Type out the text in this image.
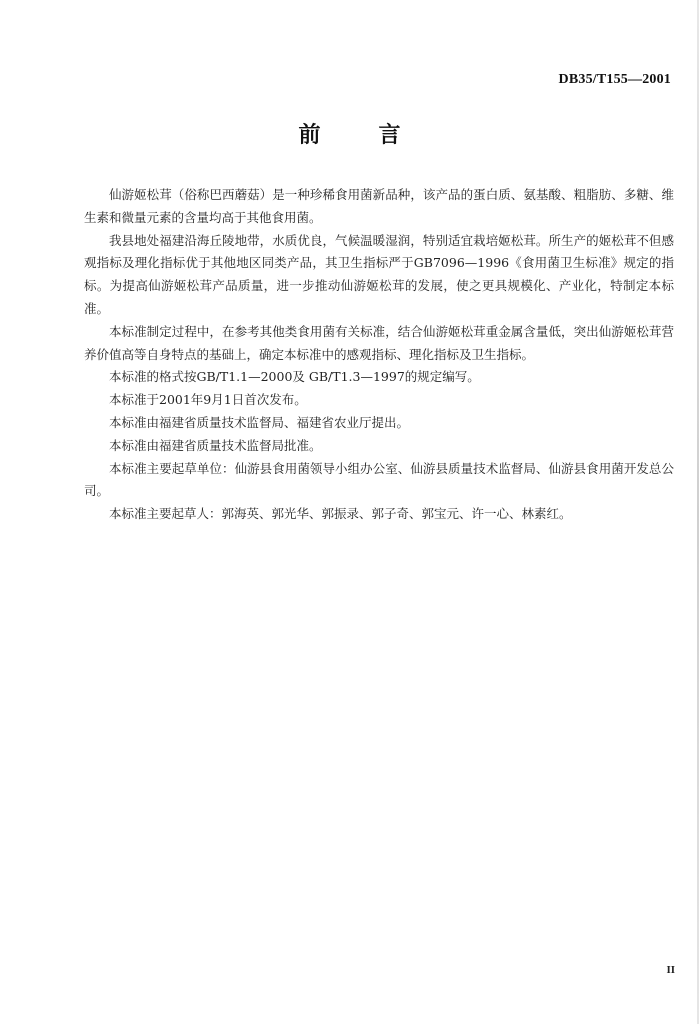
DB35/T155—2001
前言

仙游姬松茸（俗称巴西蘑菇）是一种珍稀食用菌新品种，该产品的蛋白质、氨基酸、粗脂肪、多糖、维生素和微量元素的含量均高于其他食用菌。

我县地处福建沿海丘陵地带，水质优良，气候温暖湿润，特别适宜栽培姬松茸。所生产的姬松茸不但感观指标及理化指标优于其他地区同类产品，其卫生指标严于GB7096—1996《食用菌卫生标准》规定的指标。为提高仙游姬松茸产品质量，进一步推动仙游姬松茸的发展，使之更具规模化、产业化，特制定本标准。

本标准制定过程中，在参考其他类食用菌有关标准，结合仙游姬松茸重金属含量低，突出仙游姬松茸营养价值高等自身特点的基础上，确定本标准中的感观指标、理化指标及卫生指标。

本标准的格式按GB/T1.1—2000及 GB/T1.3—1997的规定编写。

本标准于2001年9月1日首次发布。

本标准由福建省质量技术监督局、福建省农业厅提出。

本标准由福建省质量技术监督局批准。

本标准主要起草单位：仙游县食用菌领导小组办公室、仙游县质量技术监督局、仙游县食用菌开发总公司。

本标准主要起草人：郭海英、郭光华、郭振录、郭子奇、郭宝元、许一心、林素红。

II
